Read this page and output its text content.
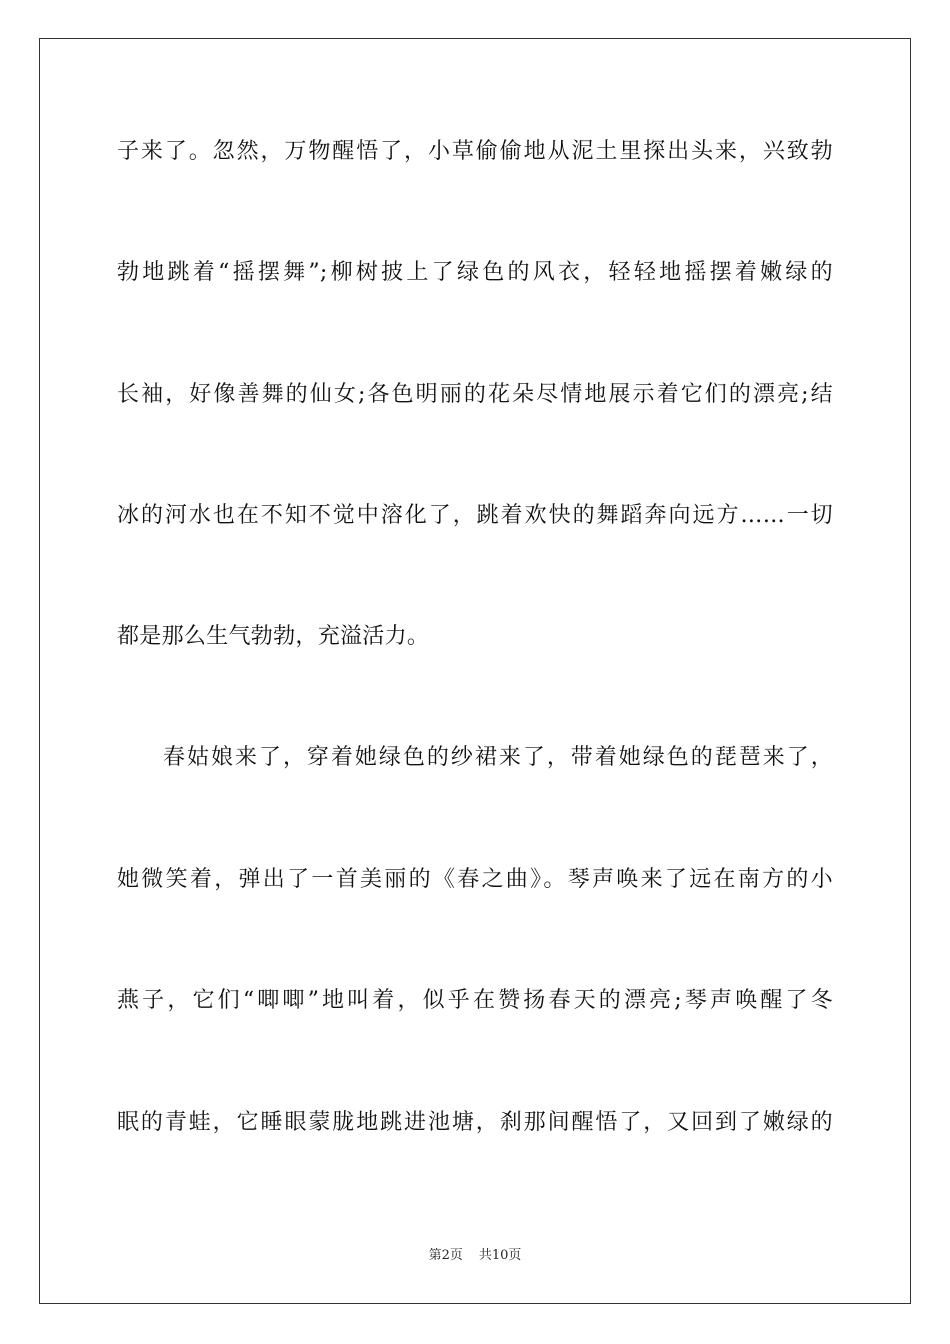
子来了。忽然，万物醒悟了，小草偷偷地从泥土里探出头来，兴致勃
勃地跳着“摇摆舞”;柳树披上了绿色的风衣，轻轻地摇摆着嫩绿的
长袖，好像善舞的仙女;各色明丽的花朵尽情地展示着它们的漂亮;结
冰的河水也在不知不觉中溶化了，跳着欢快的舞蹈奔向远方……一切
都是那么生气勃勃，充溢活力。
春姑娘来了，穿着她绿色的纱裙来了，带着她绿色的琵琶来了，
她微笑着，弹出了一首美丽的《春之曲》。琴声唤来了远在南方的小
燕子，它们“唧唧”地叫着，似乎在赞扬春天的漂亮;琴声唤醒了冬
眠的青蛙，它睡眼蒙胧地跳进池塘，刹那间醒悟了，又回到了嫩绿的
第2页 共10页
